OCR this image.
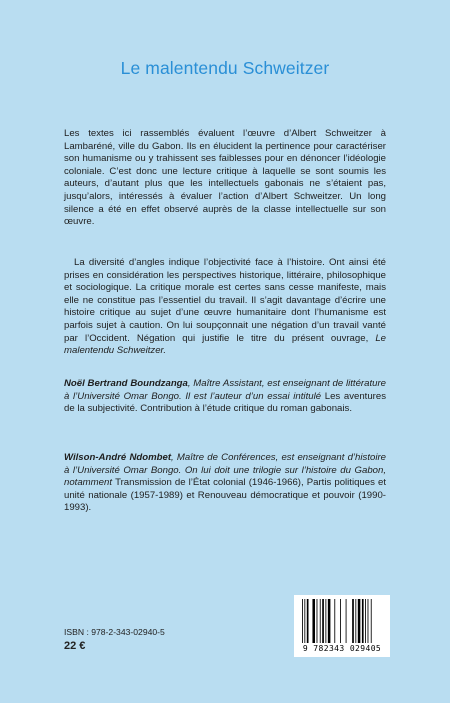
Le malentendu Schweitzer

Les textes ici rassemblés évaluent l’œuvre d’Albert Schweitzer à Lambaréné, ville du Gabon. Ils en élucident la pertinence pour caractériser son humanisme ou y trahissent ses faiblesses pour en dénoncer l’idéologie coloniale. C’est donc une lecture critique à laquelle se sont soumis les auteurs, d’autant plus que les intellectuels gabonais ne s’étaient pas, jusqu’alors, intéressés à évaluer l’action d’Albert Schweitzer. Un long silence a été en effet observé auprès de la classe intellectuelle sur son œuvre.

La diversité d’angles indique l’objectivité face à l’histoire. Ont ainsi été prises en considération les perspectives historique, littéraire, philosophique et sociologique. La critique morale est certes sans cesse manifeste, mais elle ne constitue pas l’essentiel du travail. Il s’agit davantage d’écrire une histoire critique au sujet d’une œuvre humanitaire dont l’humanisme est parfois sujet à caution. On lui soupçonnait une négation d’un travail vanté par l’Occident. Négation qui justifie le titre du présent ouvrage, Le malentendu Schweitzer.

Noël Bertrand Boundzanga, Maître Assistant, est enseignant de littérature à l’Université Omar Bongo. Il est l’auteur d’un essai intitulé Les aventures de la subjectivité. Contribution à l’étude critique du roman gabonais.

Wilson-André Ndombet, Maître de Conférences, est enseignant d’histoire à l’Université Omar Bongo. On lui doit une trilogie sur l’histoire du Gabon, notamment Transmission de l’État colonial (1946-1966), Partis politiques et unité nationale (1957-1989) et Renouveau démocratique et pouvoir (1990-1993).

ISBN : 978-2-343-02940-5
22 €	9 782343 029405
